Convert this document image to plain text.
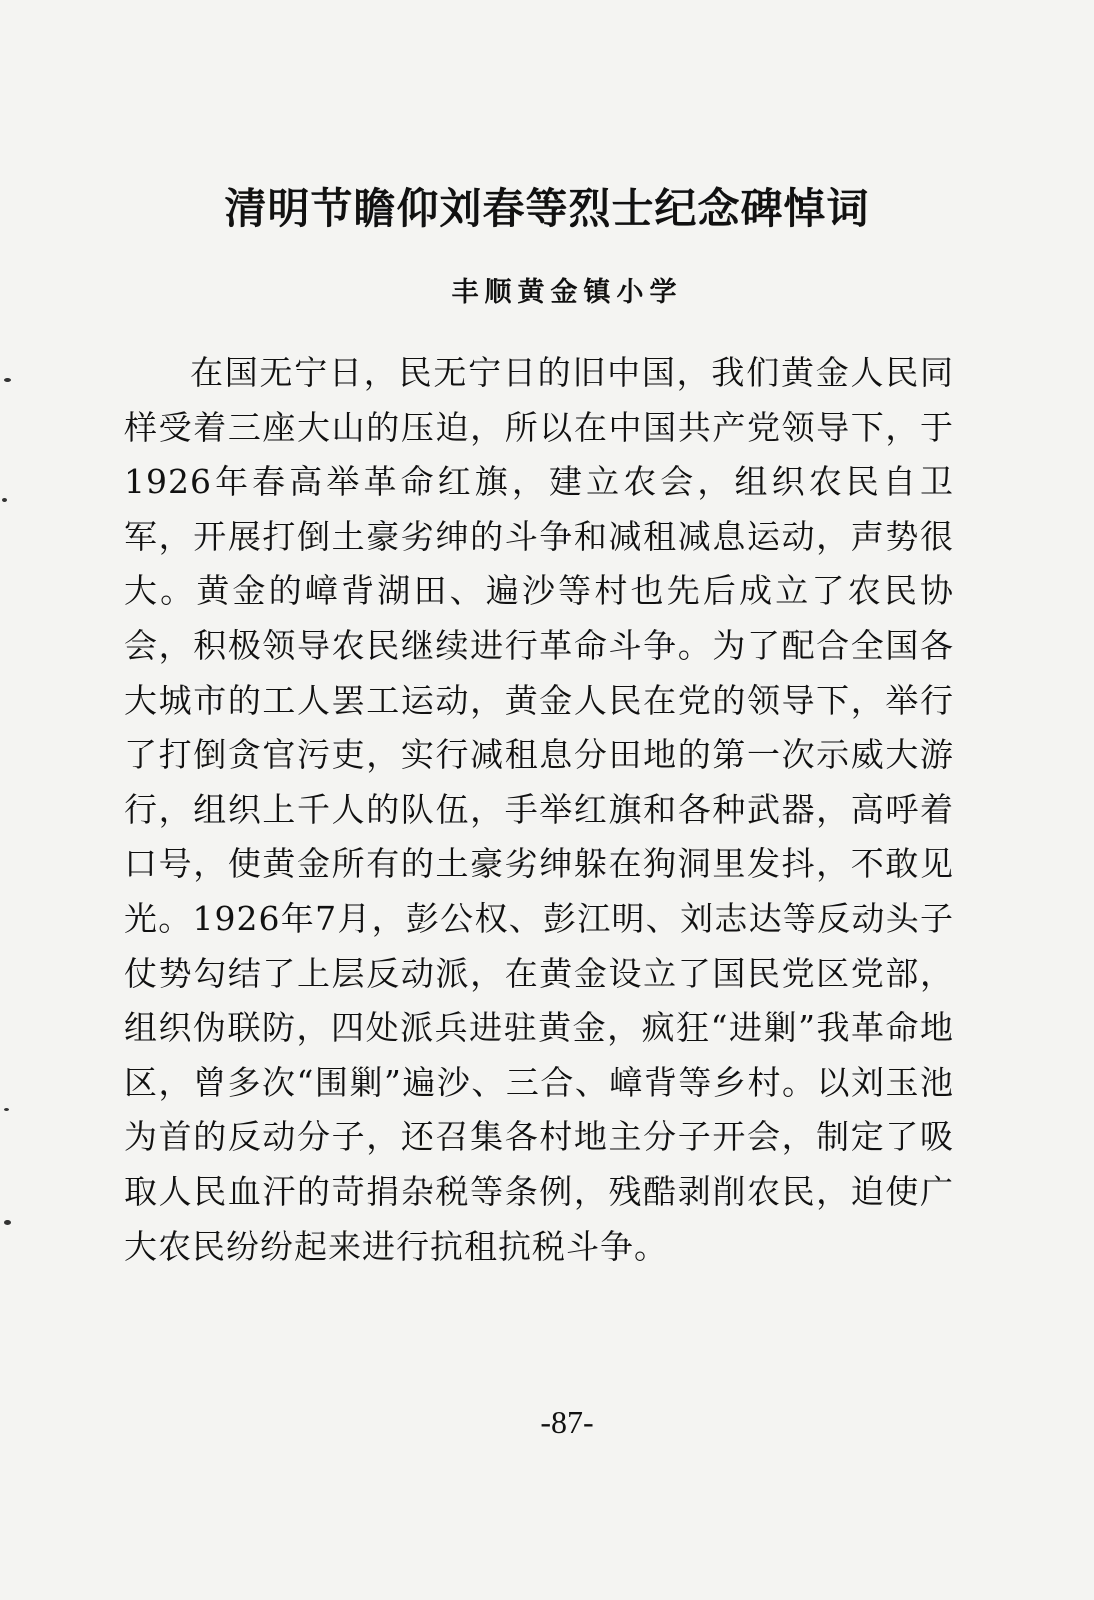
清明节瞻仰刘春等烈士纪念碑悼词
丰顺黄金镇小学

在国无宁日，民无宁日的旧中国，我们黄金人民同样受着三座大山的压迫，所以在中国共产党领导下，于1926年春高举革命红旗，建立农会，组织农民自卫军，开展打倒土豪劣绅的斗争和减租减息运动，声势很大。黄金的嶂背湖田、遍沙等村也先后成立了农民协会，积极领导农民继续进行革命斗争。为了配合全国各大城市的工人罢工运动，黄金人民在党的领导下，举行了打倒贪官污吏，实行减租息分田地的第一次示威大游行，组织上千人的队伍，手举红旗和各种武器，高呼着口号，使黄金所有的土豪劣绅躲在狗洞里发抖，不敢见光。1926年7月，彭公权、彭江明、刘志达等反动头子仗势勾结了上层反动派，在黄金设立了国民党区党部，组织伪联防，四处派兵进驻黄金，疯狂“进剿”我革命地区，曾多次“围剿”遍沙、三合、嶂背等乡村。以刘玉池为首的反动分子，还召集各村地主分子开会，制定了吸取人民血汗的苛捐杂税等条例，残酷剥削农民，迫使广大农民纷纷起来进行抗租抗税斗争。

-87-
